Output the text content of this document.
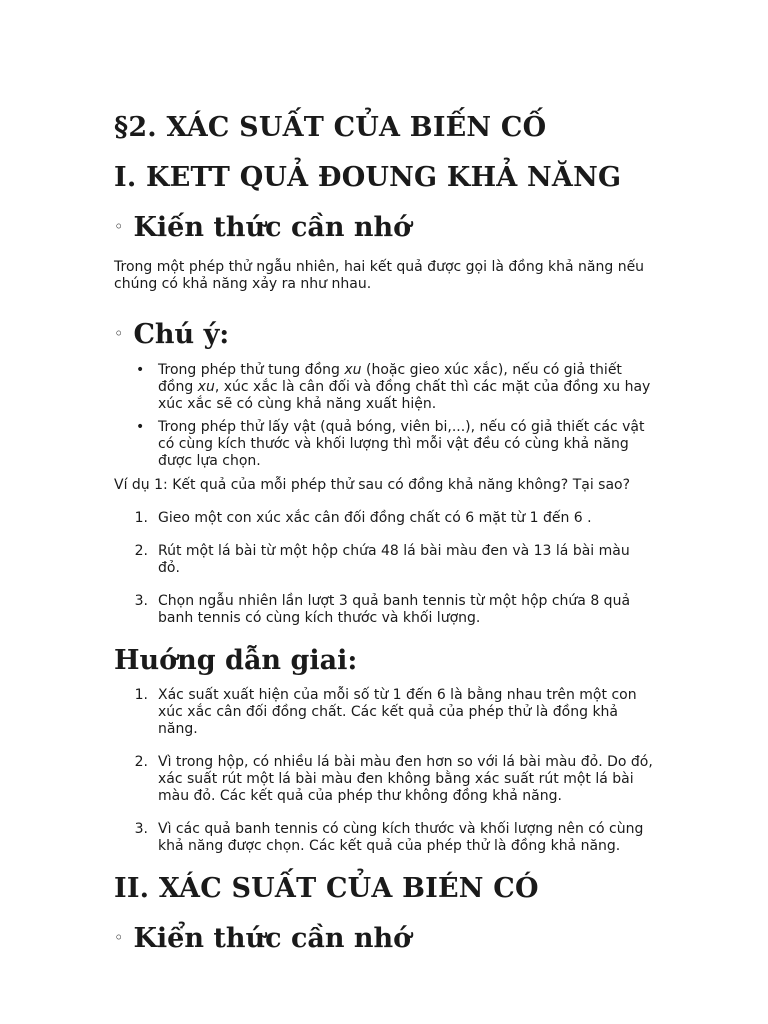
§2. XÁC SUẤT CỦA BIẾN CỐ
I. KETT QUẢ ĐOUNG KHẢ NĂNG
◦ Kiến thức cần nhớ

Trong một phép thử ngẫu nhiên, hai kết quả được gọi là đồng khả năng nếu
chúng có khả năng xảy ra như nhau.

◦ Chú ý:
• Trong phép thử tung đồng xu (hoặc gieo xúc xắc), nếu có giả thiết
đồng xu, xúc xắc là cân đối và đồng chất thì các mặt của đồng xu hay
xúc xắc sẽ có cùng khả năng xuất hiện.
• Trong phép thử lấy vật (quả bóng, viên bi,...), nếu có giả thiết các vật
có cùng kích thước và khối lượng thì mỗi vật đều có cùng khả năng
được lựa chọn.

Ví dụ 1: Kết quả của mỗi phép thử sau có đồng khả năng không? Tại sao?

1. Gieo một con xúc xắc cân đối đồng chất có 6 mặt từ 1 đến 6 .
2. Rút một lá bài từ một hộp chứa 48 lá bài màu đen và 13 lá bài màu đỏ.
3. Chọn ngẫu nhiên lần lượt 3 quả banh tennis từ một hộp chứa 8 quả
banh tennis có cùng kích thước và khối lượng.
Huớng dẫn giai:
1. Xác suất xuất hiện của mỗi số từ 1 đến 6 là bằng nhau trên một con
xúc xắc cân đối đồng chất. Các kết quả của phép thử là đồng khả
năng.
2. Vì trong hộp, có nhiều lá bài màu đen hơn so với lá bài màu đỏ. Do đó,
xác suất rút một lá bài màu đen không bằng xác suất rút một lá bài
màu đỏ. Các kết quả của phép thư không đồng khả năng.
3. Vì các quả banh tennis có cùng kích thước và khối lượng nên có cùng
khả năng được chọn. Các kết quả của phép thử là đồng khả năng.
II. XÁC SUẤT CỦA BIÉN CÓ
◦ Kiển thức cần nhớ
